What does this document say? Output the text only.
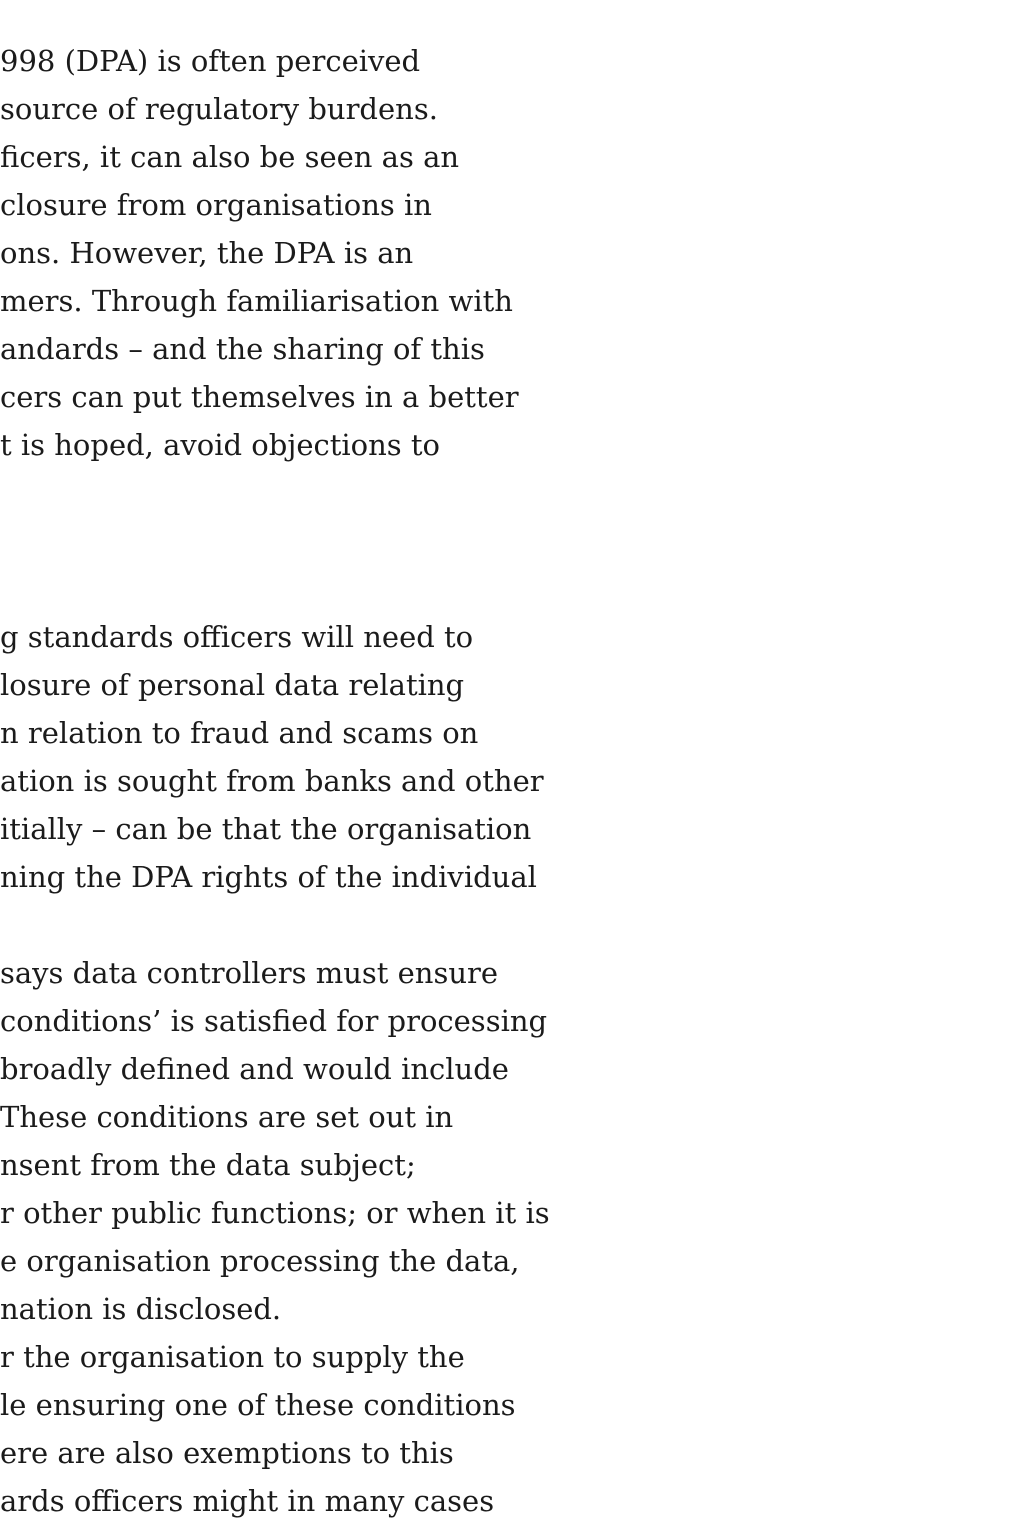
998 (DPA) is often perceived
source of regulatory burdens.
ficers, it can also be seen as an
closure from organisations in
ons. However, the DPA is an
mers. Through familiarisation with
andards – and the sharing of this
cers can put themselves in a better
t is hoped, avoid objections to

g standards officers will need to
losure of personal data relating
n relation to fraud and scams on
ation is sought from banks and other
itially – can be that the organisation
ning the DPA rights of the individual

says data controllers must ensure
conditions’ is satisfied for processing
broadly defined and would include
These conditions are set out in
nsent from the data subject;
r other public functions; or when it is
e organisation processing the data,
nation is disclosed.
r the organisation to supply the
le ensuring one of these conditions
ere are also exemptions to this
ards officers might in many cases
